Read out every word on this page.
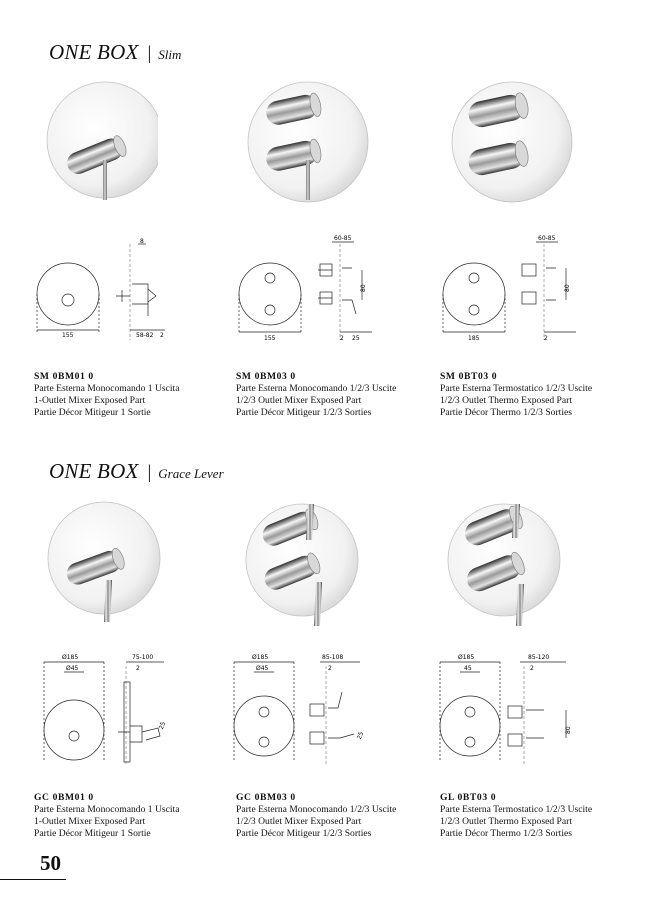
ONE BOX | Slim
ONE BOX | Grace Lever
8
155	58-82 2
SM 0BM01 0
Parte Esterna Monocomando 1 Uscita
1-Outlet Mixer Exposed Part
Partie Décor Mitigeur 1 Sortie
60-85
80
155	2 25
SM 0BM03 0
Parte Esterna Monocomando 1/2/3 Uscite
1/2/3 Outlet Mixer Exposed Part
Partie Décor Mitigeur 1/2/3 Sorties
60-85
80
185	2
SM 0BT03 0
Parte Esterna Termostatico 1/2/3 Uscite
1/2/3 Outlet Thermo Exposed Part
Partie Décor Thermo 1/2/3 Sorties
Ø185
Ø45
75-100
2
25
GC 0BM01 0
Parte Esterna Monocomando 1 Uscita
1-Outlet Mixer Exposed Part
Partie Décor Mitigeur 1 Sortie
Ø185
Ø45
85-108
2
25
GC 0BM03 0
Parte Esterna Monocomando 1/2/3 Uscite
1/2/3 Outlet Mixer Exposed Part
Partie Décor Mitigeur 1/2/3 Sorties
Ø185
45
85-120
2
80
GL 0BT03 0
Parte Esterna Termostatico 1/2/3 Uscite
1/2/3 Outlet Thermo Exposed Part
Partie Décor Thermo 1/2/3 Sorties
50
